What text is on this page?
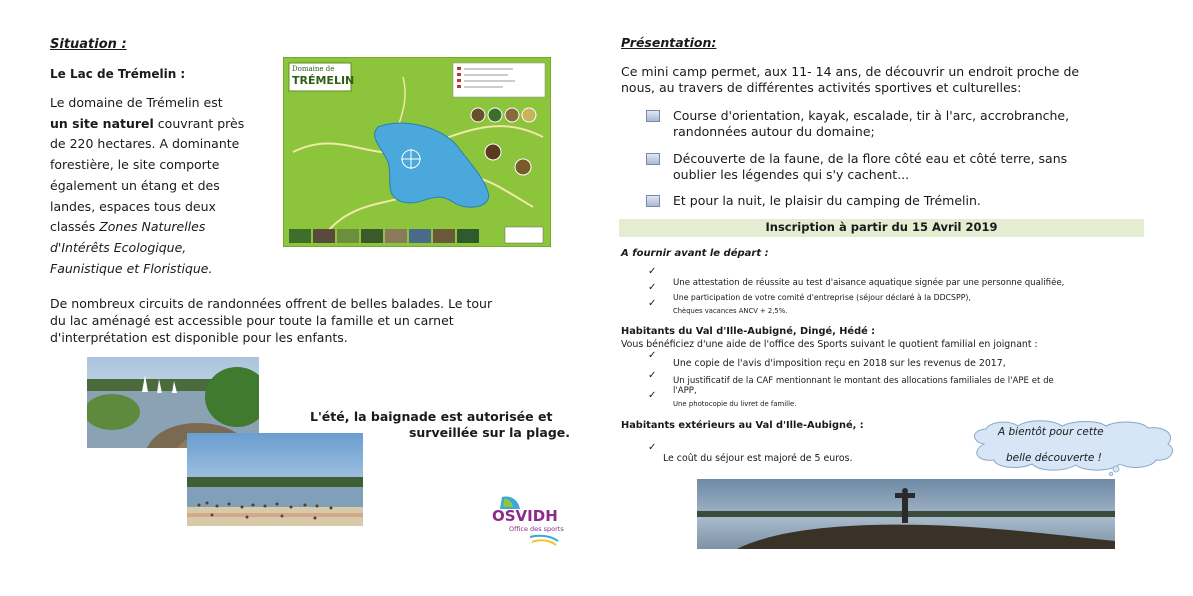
Situation :
Le Lac de Trémelin :
Le domaine de Trémelin est
un site naturel couvrant près
de 220 hectares. A dominante
forestière, le site comporte
également un étang et des
landes, espaces tous deux
classés Zones Naturelles
d'Intérêts Ecologique,
Faunistique et Floristique.
Domaine de
TRÉMELIN
De nombreux circuits de randonnées offrent de belles balades. Le tour
du lac aménagé est accessible pour toute la famille et un carnet
d'interprétation est disponible pour les enfants.
L'été, la baignade est autorisée et
surveillée sur la plage.
OSVIDH
Office des sports
Présentation:
Ce mini camp permet, aux 11- 14 ans, de découvrir un endroit proche de
nous, au travers de différentes activités sportives et culturelles:
Course d'orientation, kayak, escalade, tir à l'arc, accrobranche,
randonnées autour du domaine;
Découverte de la faune, de la flore côté eau et côté terre, sans
oublier les légendes qui s'y cachent...
Et pour la nuit, le plaisir du camping de Trémelin.
Inscription à partir du 15 Avril 2019
A fournir avant le départ :
✓
✓
✓
Une attestation de réussite au test d'aisance aquatique signée par une personne qualifiée,
Une participation de votre comité d'entreprise (séjour déclaré à la DDCSPP),
Chèques vacances ANCV + 2,5%.
Habitants du Val d'Ille-Aubigné, Dingé, Hédé :
Vous bénéficiez d'une aide de l'office des Sports suivant le quotient familial en joignant :
✓
✓
✓
Une copie de l'avis d'imposition reçu en 2018 sur les revenus de 2017,
Un justificatif de la CAF mentionnant le montant des allocations familiales de l'APE et de
l'APP,
Une photocopie du livret de famille.
Habitants extérieurs au Val d'Ille-Aubigné, :
✓
Le coût du séjour est majoré de 5 euros.
A bientôt pour cette
belle découverte !
